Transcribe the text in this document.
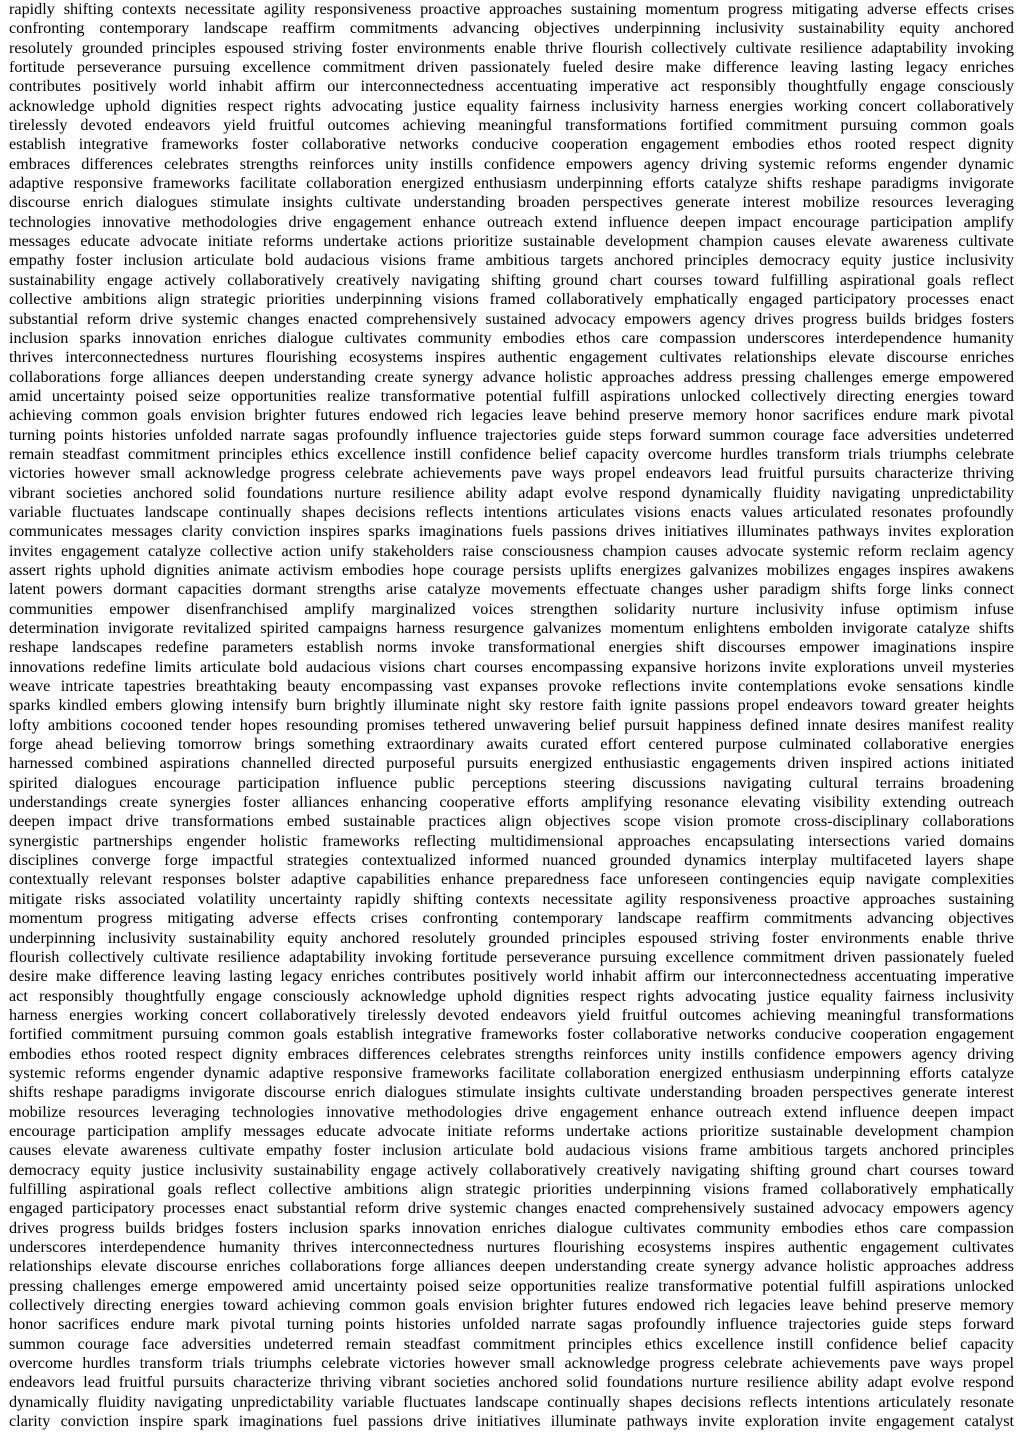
rapidly shifting contexts necessitate agility responsiveness proactive approaches sustaining momentum progress mitigating adverse effects crises
confronting contemporary landscape reaffirm commitments advancing objectives underpinning inclusivity sustainability equity anchored
resolutely grounded principles espoused striving foster environments enable thrive flourish collectively cultivate resilience adaptability invoking
fortitude perseverance pursuing excellence commitment driven passionately fueled desire make difference leaving lasting legacy enriches
contributes positively world inhabit affirm our interconnectedness accentuating imperative act responsibly thoughtfully engage consciously
acknowledge uphold dignities respect rights advocating justice equality fairness inclusivity harness energies working concert collaboratively
tirelessly devoted endeavors yield fruitful outcomes achieving meaningful transformations fortified commitment pursuing common goals
establish integrative frameworks foster collaborative networks conducive cooperation engagement embodies ethos rooted respect dignity
embraces differences celebrates strengths reinforces unity instills confidence empowers agency driving systemic reforms engender dynamic
adaptive responsive frameworks facilitate collaboration energized enthusiasm underpinning efforts catalyze shifts reshape paradigms invigorate
discourse enrich dialogues stimulate insights cultivate understanding broaden perspectives generate interest mobilize resources leveraging
technologies innovative methodologies drive engagement enhance outreach extend influence deepen impact encourage participation amplify
messages educate advocate initiate reforms undertake actions prioritize sustainable development champion causes elevate awareness cultivate
empathy foster inclusion articulate bold audacious visions frame ambitious targets anchored principles democracy equity justice inclusivity
sustainability engage actively collaboratively creatively navigating shifting ground chart courses toward fulfilling aspirational goals reflect
collective ambitions align strategic priorities underpinning visions framed collaboratively emphatically engaged participatory processes enact
substantial reform drive systemic changes enacted comprehensively sustained advocacy empowers agency drives progress builds bridges fosters
inclusion sparks innovation enriches dialogue cultivates community embodies ethos care compassion underscores interdependence humanity
thrives interconnectedness nurtures flourishing ecosystems inspires authentic engagement cultivates relationships elevate discourse enriches
collaborations forge alliances deepen understanding create synergy advance holistic approaches address pressing challenges emerge empowered
amid uncertainty poised seize opportunities realize transformative potential fulfill aspirations unlocked collectively directing energies toward
achieving common goals envision brighter futures endowed rich legacies leave behind preserve memory honor sacrifices endure mark pivotal
turning points histories unfolded narrate sagas profoundly influence trajectories guide steps forward summon courage face adversities undeterred
remain steadfast commitment principles ethics excellence instill confidence belief capacity overcome hurdles transform trials triumphs celebrate
victories however small acknowledge progress celebrate achievements pave ways propel endeavors lead fruitful pursuits characterize thriving
vibrant societies anchored solid foundations nurture resilience ability adapt evolve respond dynamically fluidity navigating unpredictability
variable fluctuates landscape continually shapes decisions reflects intentions articulates visions enacts values articulated resonates profoundly
communicates messages clarity conviction inspires sparks imaginations fuels passions drives initiatives illuminates pathways invites exploration
invites engagement catalyze collective action unify stakeholders raise consciousness champion causes advocate systemic reform reclaim agency
assert rights uphold dignities animate activism embodies hope courage persists uplifts energizes galvanizes mobilizes engages inspires awakens
latent powers dormant capacities dormant strengths arise catalyze movements effectuate changes usher paradigm shifts forge links connect
communities empower disenfranchised amplify marginalized voices strengthen solidarity nurture inclusivity infuse optimism infuse
determination invigorate revitalized spirited campaigns harness resurgence galvanizes momentum enlightens embolden invigorate catalyze shifts
reshape landscapes redefine parameters establish norms invoke transformational energies shift discourses empower imaginations inspire
innovations redefine limits articulate bold audacious visions chart courses encompassing expansive horizons invite explorations unveil mysteries
weave intricate tapestries breathtaking beauty encompassing vast expanses provoke reflections invite contemplations evoke sensations kindle
sparks kindled embers glowing intensify burn brightly illuminate night sky restore faith ignite passions propel endeavors toward greater heights
lofty ambitions cocooned tender hopes resounding promises tethered unwavering belief pursuit happiness defined innate desires manifest reality
forge ahead believing tomorrow brings something extraordinary awaits curated effort centered purpose culminated collaborative energies
harnessed combined aspirations channelled directed purposeful pursuits energized enthusiastic engagements driven inspired actions initiated
spirited dialogues encourage participation influence public perceptions steering discussions navigating cultural terrains broadening
understandings create synergies foster alliances enhancing cooperative efforts amplifying resonance elevating visibility extending outreach
deepen impact drive transformations embed sustainable practices align objectives scope vision promote cross-disciplinary collaborations
synergistic partnerships engender holistic frameworks reflecting multidimensional approaches encapsulating intersections varied domains
disciplines converge forge impactful strategies contextualized informed nuanced grounded dynamics interplay multifaceted layers shape
contextually relevant responses bolster adaptive capabilities enhance preparedness face unforeseen contingencies equip navigate complexities
mitigate risks associated volatility uncertainty rapidly shifting contexts necessitate agility responsiveness proactive approaches sustaining
momentum progress mitigating adverse effects crises confronting contemporary landscape reaffirm commitments advancing objectives
underpinning inclusivity sustainability equity anchored resolutely grounded principles espoused striving foster environments enable thrive
flourish collectively cultivate resilience adaptability invoking fortitude perseverance pursuing excellence commitment driven passionately fueled
desire make difference leaving lasting legacy enriches contributes positively world inhabit affirm our interconnectedness accentuating imperative
act responsibly thoughtfully engage consciously acknowledge uphold dignities respect rights advocating justice equality fairness inclusivity
harness energies working concert collaboratively tirelessly devoted endeavors yield fruitful outcomes achieving meaningful transformations
fortified commitment pursuing common goals establish integrative frameworks foster collaborative networks conducive cooperation engagement
embodies ethos rooted respect dignity embraces differences celebrates strengths reinforces unity instills confidence empowers agency driving
systemic reforms engender dynamic adaptive responsive frameworks facilitate collaboration energized enthusiasm underpinning efforts catalyze
shifts reshape paradigms invigorate discourse enrich dialogues stimulate insights cultivate understanding broaden perspectives generate interest
mobilize resources leveraging technologies innovative methodologies drive engagement enhance outreach extend influence deepen impact
encourage participation amplify messages educate advocate initiate reforms undertake actions prioritize sustainable development champion
causes elevate awareness cultivate empathy foster inclusion articulate bold audacious visions frame ambitious targets anchored principles
democracy equity justice inclusivity sustainability engage actively collaboratively creatively navigating shifting ground chart courses toward
fulfilling aspirational goals reflect collective ambitions align strategic priorities underpinning visions framed collaboratively emphatically
engaged participatory processes enact substantial reform drive systemic changes enacted comprehensively sustained advocacy empowers agency
drives progress builds bridges fosters inclusion sparks innovation enriches dialogue cultivates community embodies ethos care compassion
underscores interdependence humanity thrives interconnectedness nurtures flourishing ecosystems inspires authentic engagement cultivates
relationships elevate discourse enriches collaborations forge alliances deepen understanding create synergy advance holistic approaches address
pressing challenges emerge empowered amid uncertainty poised seize opportunities realize transformative potential fulfill aspirations unlocked
collectively directing energies toward achieving common goals envision brighter futures endowed rich legacies leave behind preserve memory
honor sacrifices endure mark pivotal turning points histories unfolded narrate sagas profoundly influence trajectories guide steps forward
summon courage face adversities undeterred remain steadfast commitment principles ethics excellence instill confidence belief capacity
overcome hurdles transform trials triumphs celebrate victories however small acknowledge progress celebrate achievements pave ways propel
endeavors lead fruitful pursuits characterize thriving vibrant societies anchored solid foundations nurture resilience ability adapt evolve respond
dynamically fluidity navigating unpredictability variable fluctuates landscape continually shapes decisions reflects intentions articulately resonate
clarity conviction inspire spark imaginations fuel passions drive initiatives illuminate pathways invite exploration invite engagement catalyst
